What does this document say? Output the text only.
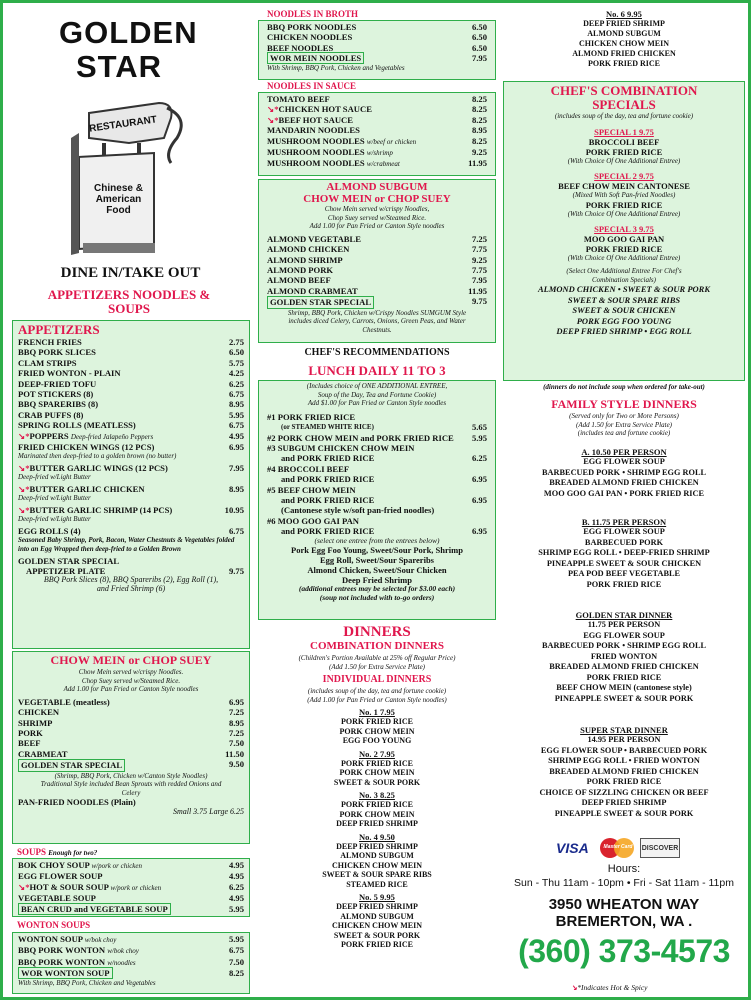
GOLDEN
STAR
RESTAURANT
Chinese &
American
Food
DINE IN/TAKE OUT
APPETIZERS NOODLES & SOUPS
APPETIZERS
FRENCH FRIES	2.75
BBQ PORK SLICES	6.50
CLAM STRIPS	5.75
FRIED WONTON - PLAIN	4.25
DEEP-FRIED TOFU	6.25
POT STICKERS (8)	6.75
BBQ SPARERIBS (8)	8.95
CRAB PUFFS (8)	5.95
SPRING ROLLS (MEATLESS)	6.75
↘*POPPERS Deep-fried Jalapeño Peppers	4.95
FRIED CHICKEN WINGS (12 PCS)	6.95
Marinated then deep-fried to a golden brown (no butter)
↘*BUTTER GARLIC WINGS (12 PCS)	7.95
Deep-fried w/Light Butter
↘*BUTTER GARLIC CHICKEN	8.95
Deep-fried w/Light Butter
↘*BUTTER GARLIC SHRIMP (14 PCS)	10.95
Deep-fried w/Light Butter
EGG ROLLS (4)	6.75
Seasoned Baby Shrimp, Pork, Bacon, Water Chestnuts & Vegetables folded into an Egg Wrapped then deep-fried to a Golden Brown
GOLDEN STAR SPECIAL
APPETIZER PLATE	9.75
BBQ Pork Slices (8), BBQ Spareribs (2), Egg Roll (1), and Fried Shrimp (6)
CHOW MEIN or CHOP SUEY
Chow Mein served w/crispy Noodles.
Chop Suey served w/Steamed Rice.
Add 1.00 for Pan Fried or Canton Style noodles
VEGETABLE (meatless)	6.95
CHICKEN	7.25
SHRIMP	8.95
PORK	7.25
BEEF	7.50
CRABMEAT	11.50
GOLDEN STAR SPECIAL	9.50
(Shrimp, BBQ Pork, Chicken w/Canton Style Noodles) Traditional Style included Bean Sprouts with redded Onions and Celery
PAN-FRIED NOODLES (Plain)
Small 3.75 Large 6.25
SOUPS Enough for two?
BOK CHOY SOUP w/pork or chicken	4.95
EGG FLOWER SOUP	4.95
↘*HOT & SOUR SOUP w/pork or chicken	6.25
VEGETABLE SOUP	4.95
BEAN CRUD and VEGETABLE SOUP	5.95
WONTON SOUPS
WONTON SOUP w/bok choy	5.95
BBQ PORK WONTON w/bok choy	6.75
BBQ PORK WONTON w/noodles	7.50
WOR WONTON SOUP	8.25
With Shrimp, BBQ Pork, Chicken and Vegetables
NOODLES IN BROTH
BBQ PORK NOODLES	6.50
CHICKEN NOODLES	6.50
BEEF NOODLES	6.50
WOR MEIN NOODLES	7.95
With Shrimp, BBQ Pork, Chicken and Vegetables
NOODLES IN SAUCE
TOMATO BEEF	8.25
↘*CHICKEN HOT SAUCE	8.25
↘*BEEF HOT SAUCE	8.25
MANDARIN NOODLES	8.95
MUSHROOM NOODLES w/beef or chicken	8.25
MUSHROOM NOODLES w/shrimp	9.25
MUSHROOM NOODLES w/crabmeat	11.95
ALMOND SUBGUM
CHOW MEIN or CHOP SUEY
Chow Mein served w/crispy Noodles,
Chop Suey served w/Steamed Rice.
Add 1.00 for Pan Fried or Canton Style noodles
ALMOND VEGETABLE	7.25
ALMOND CHICKEN	7.75
ALMOND SHRIMP	9.25
ALMOND PORK	7.75
ALMOND BEEF	7.95
ALMOND CRABMEAT	11.95
GOLDEN STAR SPECIAL	9.75
Shrimp, BBQ Pork, Chicken w/Crispy Noodles SUMGUM Style includes diced Celery, Carrots, Onions, Green Peas, and Water Chestnuts.
CHEF'S RECOMMENDATIONS
LUNCH DAILY 11 TO 3
(Includes choice of ONE ADDITIONAL ENTREE,
Soup of the Day, Tea and Fortune Cookie)
Add $1.00 for Pan Fried or Canton Style noodles
#1 PORK FRIED RICE
(or STEAMED WHITE RICE)	5.65
#2 PORK CHOW MEIN and PORK FRIED RICE	5.95
#3 SUBGUM CHICKEN CHOW MEIN
and PORK FRIED RICE	6.25
#4 BROCCOLI BEEF
and PORK FRIED RICE	6.95
#5 BEEF CHOW MEIN
and PORK FRIED RICE	6.95
(Cantonese style w/soft pan-fried noodles)
#6 MOO GOO GAI PAN
and PORK FRIED RICE	6.95
(select one entree from the entrees below)
Pork Egg Foo Young, Sweet/Sour Pork, Shrimp
Egg Roll, Sweet/Sour Spareribs
Almond Chicken, Sweet/Sour Chicken
Deep Fried Shrimp
(additional entrees may be selected for $3.00 each)
(soup not included with to-go orders)
DINNERS
COMBINATION DINNERS
(Children's Portion Available at 25% off Regular Price)
(Add 1.50 for Extra Service Plate)
INDIVIDUAL DINNERS
(includes soup of the day, tea and fortune cookie)
(Add 1.00 for Pan Fried or Canton Style noodles)
No. 1 7.95
PORK FRIED RICE
PORK CHOW MEIN
EGG FOO YOUNG
No. 2 7.95
PORK FRIED RICE
PORK CHOW MEIN
SWEET & SOUR PORK
No. 3 8.25
PORK FRIED RICE
PORK CHOW MEIN
DEEP FRIED SHRIMP
No. 4 9.50
DEEP FRIED SHRIMP
ALMOND SUBGUM
CHICKEN CHOW MEIN
SWEET & SOUR SPARE RIBS
STEAMED RICE
No. 5 9.95
DEEP FRIED SHRIMP
ALMOND SUBGUM
CHICKEN CHOW MEIN
SWEET & SOUR PORK
PORK FRIED RICE
No. 6 9.95
DEEP FRIED SHRIMP
ALMOND SUBGUM
CHICKEN CHOW MEIN
ALMOND FRIED CHICKEN
PORK FRIED RICE
CHEF'S COMBINATION
SPECIALS
(includes soup of the day, tea and fortune cookie)
SPECIAL 1 9.75
BROCCOLI BEEF
PORK FRIED RICE
(With Choice Of One Additional Entree)
SPECIAL 2 9.75
BEEF CHOW MEIN CANTONESE
(Mixed With Soft Pan-fried Noodles)
PORK FRIED RICE
(With Choice Of One Additional Entree)
SPECIAL 3 9.75
MOO GOO GAI PAN
PORK FRIED RICE
(With Choice Of One Additional Entree)
(Select One Additional Entree For Chef's Combination Specials)
ALMOND CHICKEN • SWEET & SOUR PORK
SWEET & SOUR SPARE RIBS
SWEET & SOUR CHICKEN
PORK EGG FOO YOUNG
DEEP FRIED SHRIMP • EGG ROLL
(dinners do not include soup when ordered for take-out)
FAMILY STYLE DINNERS
(Served only for Two or More Persons)
(Add 1.50 for Extra Service Plate)
(includes tea and fortune cookie)
A. 10.50 PER PERSON
EGG FLOWER SOUP
BARBECUED PORK • SHRIMP EGG ROLL
BREADED ALMOND FRIED CHICKEN
MOO GOO GAI PAN • PORK FRIED RICE
B. 11.75 PER PERSON
EGG FLOWER SOUP
BARBECUED PORK
SHRIMP EGG ROLL • DEEP-FRIED SHRIMP
PINEAPPLE SWEET & SOUR CHICKEN
PEA POD BEEF VEGETABLE
PORK FRIED RICE
GOLDEN STAR DINNER
11.75 PER PERSON
EGG FLOWER SOUP
BARBECUED PORK • SHRIMP EGG ROLL
FRIED WONTON
BREADED ALMOND FRIED CHICKEN
PORK FRIED RICE
BEEF CHOW MEIN (cantonese style)
PINEAPPLE SWEET & SOUR PORK
SUPER STAR DINNER
14.95 PER PERSON
EGG FLOWER SOUP • BARBECUED PORK
SHRIMP EGG ROLL • FRIED WONTON
BREADED ALMOND FRIED CHICKEN
PORK FRIED RICE
CHOICE OF SIZZLING CHICKEN OR BEEF
DEEP FRIED SHRIMP
PINEAPPLE SWEET & SOUR PORK
VISA	Master Card	DISCOVER
Hours:
Sun - Thu 11am - 10pm • Fri - Sat 11am - 11pm
3950 WHEATON WAY
BREMERTON, WA .
(360) 373-4573
↘*Indicates Hot & Spicy
